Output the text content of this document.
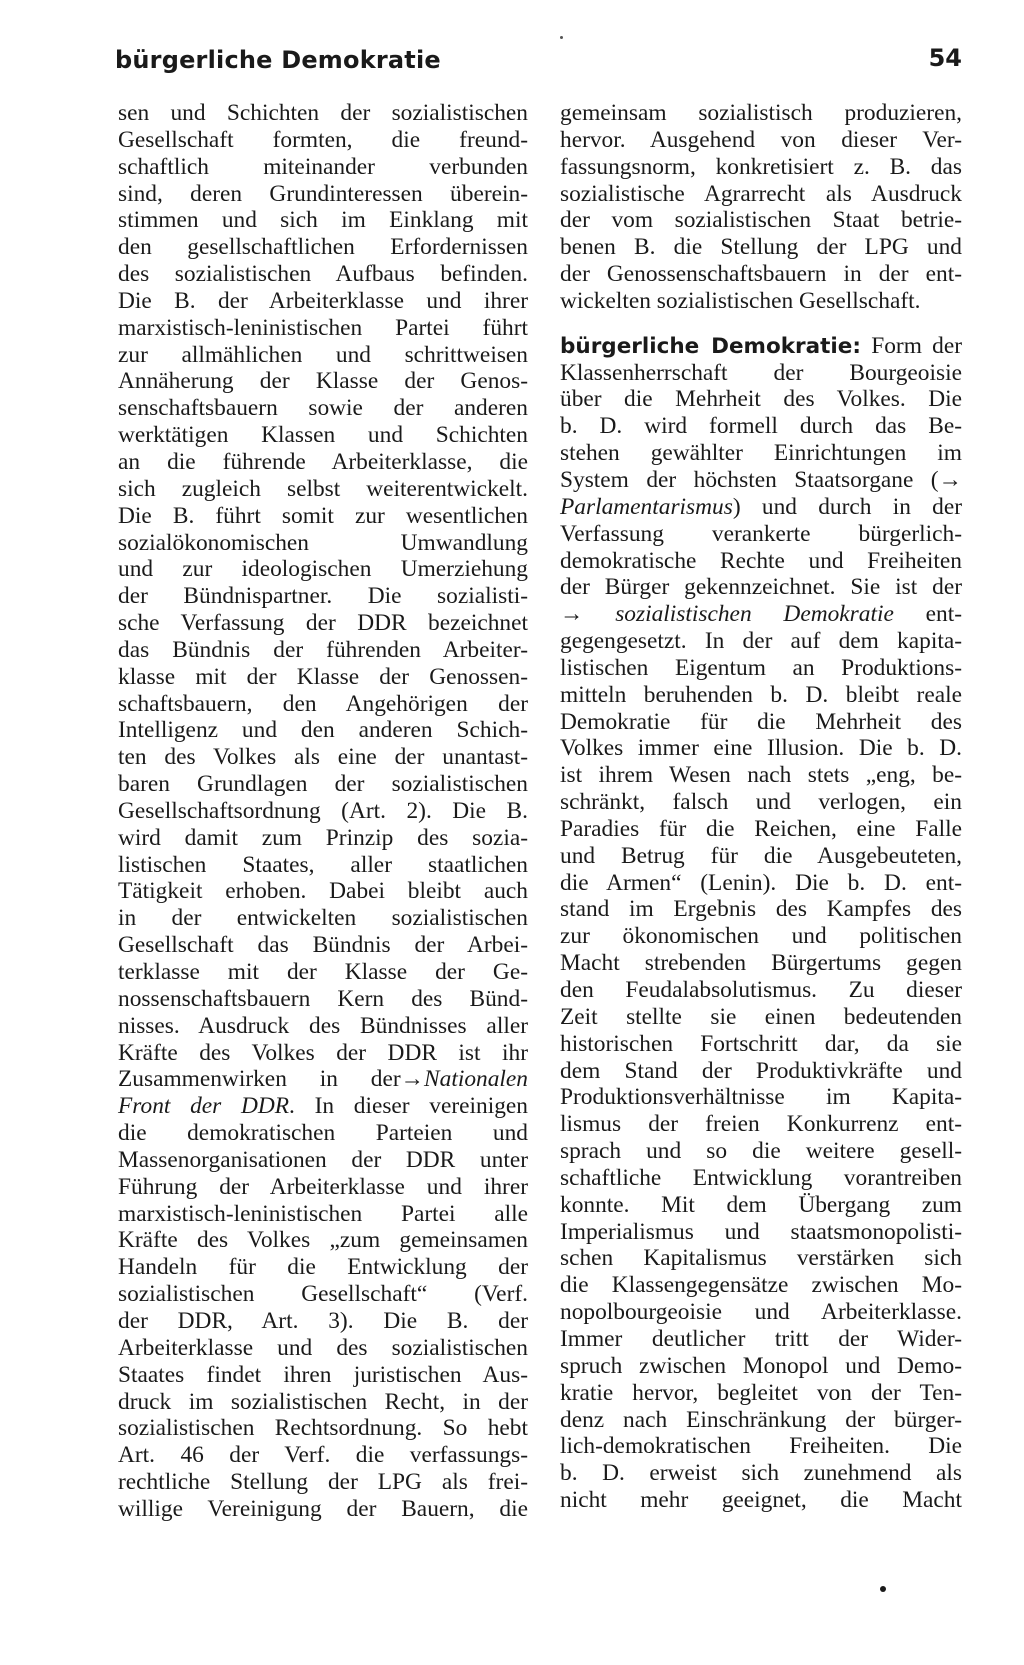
bürgerliche Demokratie	54
sen und Schichten der sozialistischen
Gesellschaft formten, die freund-
schaftlich miteinander verbunden
sind, deren Grundinteressen überein-
stimmen und sich im Einklang mit
den gesellschaftlichen Erfordernissen
des sozialistischen Aufbaus befinden.
Die B. der Arbeiterklasse und ihrer
marxistisch-leninistischen Partei führt
zur allmählichen und schrittweisen
Annäherung der Klasse der Genos-
senschaftsbauern sowie der anderen
werktätigen Klassen und Schichten
an die führende Arbeiterklasse, die
sich zugleich selbst weiterentwickelt.
Die B. führt somit zur wesentlichen
sozialökonomischen Umwandlung
und zur ideologischen Umerziehung
der Bündnispartner. Die sozialisti-
sche Verfassung der DDR bezeichnet
das Bündnis der führenden Arbeiter-
klasse mit der Klasse der Genossen-
schaftsbauern, den Angehörigen der
Intelligenz und den anderen Schich-
ten des Volkes als eine der unantast-
baren Grundlagen der sozialistischen
Gesellschaftsordnung (Art. 2). Die B.
wird damit zum Prinzip des sozia-
listischen Staates, aller staatlichen
Tätigkeit erhoben. Dabei bleibt auch
in der entwickelten sozialistischen
Gesellschaft das Bündnis der Arbei-
terklasse mit der Klasse der Ge-
nossenschaftsbauern Kern des Bünd-
nisses. Ausdruck des Bündnisses aller
Kräfte des Volkes der DDR ist ihr
Zusammenwirken in der→Nationalen
Front der DDR. In dieser vereinigen
die demokratischen Parteien und
Massenorganisationen der DDR unter
Führung der Arbeiterklasse und ihrer
marxistisch-leninistischen Partei alle
Kräfte des Volkes „zum gemeinsamen
Handeln für die Entwicklung der
sozialistischen Gesellschaft“ (Verf.
der DDR, Art. 3). Die B. der
Arbeiterklasse und des sozialistischen
Staates findet ihren juristischen Aus-
druck im sozialistischen Recht, in der
sozialistischen Rechtsordnung. So hebt
Art. 46 der Verf. die verfassungs-
rechtliche Stellung der LPG als frei-
willige Vereinigung der Bauern, die
gemeinsam sozialistisch produzieren,
hervor. Ausgehend von dieser Ver-
fassungsnorm, konkretisiert z. B. das
sozialistische Agrarrecht als Ausdruck
der vom sozialistischen Staat betrie-
benen B. die Stellung der LPG und
der Genossenschaftsbauern in der ent-
wickelten sozialistischen Gesellschaft.
bürgerliche Demokratie: Form der
Klassenherrschaft der Bourgeoisie
über die Mehrheit des Volkes. Die
b. D. wird formell durch das Be-
stehen gewählter Einrichtungen im
System der höchsten Staatsorgane (→
Parlamentarismus) und durch in der
Verfassung verankerte bürgerlich-
demokratische Rechte und Freiheiten
der Bürger gekennzeichnet. Sie ist der
→ sozialistischen Demokratie ent-
gegengesetzt. In der auf dem kapita-
listischen Eigentum an Produktions-
mitteln beruhenden b. D. bleibt reale
Demokratie für die Mehrheit des
Volkes immer eine Illusion. Die b. D.
ist ihrem Wesen nach stets „eng, be-
schränkt, falsch und verlogen, ein
Paradies für die Reichen, eine Falle
und Betrug für die Ausgebeuteten,
die Armen“ (Lenin). Die b. D. ent-
stand im Ergebnis des Kampfes des
zur ökonomischen und politischen
Macht strebenden Bürgertums gegen
den Feudalabsolutismus. Zu dieser
Zeit stellte sie einen bedeutenden
historischen Fortschritt dar, da sie
dem Stand der Produktivkräfte und
Produktionsverhältnisse im Kapita-
lismus der freien Konkurrenz ent-
sprach und so die weitere gesell-
schaftliche Entwicklung vorantreiben
konnte. Mit dem Übergang zum
Imperialismus und staatsmonopolisti-
schen Kapitalismus verstärken sich
die Klassengegensätze zwischen Mo-
nopolbourgeoisie und Arbeiterklasse.
Immer deutlicher tritt der Wider-
spruch zwischen Monopol und Demo-
kratie hervor, begleitet von der Ten-
denz nach Einschränkung der bürger-
lich-demokratischen Freiheiten. Die
b. D. erweist sich zunehmend als
nicht mehr geeignet, die Macht
